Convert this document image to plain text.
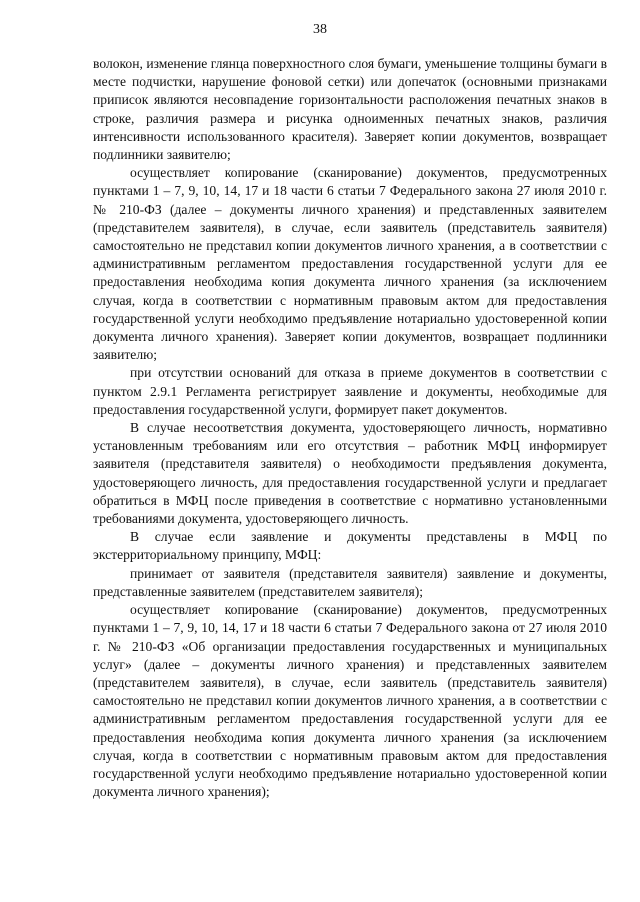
38

волокон, изменение глянца поверхностного слоя бумаги, уменьшение толщины бумаги в месте подчистки, нарушение фоновой сетки) или допечаток (основными признаками приписок являются несовпадение горизонтальности расположения печатных знаков в строке, различия размера и рисунка одноименных печатных знаков, различия интенсивности использованного красителя). Заверяет копии документов, возвращает подлинники заявителю;

осуществляет копирование (сканирование) документов, предусмотренных пунктами 1 – 7, 9, 10, 14, 17 и 18 части 6 статьи 7 Федерального закона 27 июля 2010 г. № 210-ФЗ (далее – документы личного хранения) и представленных заявителем (представителем заявителя), в случае, если заявитель (представитель заявителя) самостоятельно не представил копии документов личного хранения, а в соответствии с административным регламентом предоставления государственной услуги для ее предоставления необходима копия документа личного хранения (за исключением случая, когда в соответствии с нормативным правовым актом для предоставления государственной услуги необходимо предъявление нотариально удостоверенной копии документа личного хранения). Заверяет копии документов, возвращает подлинники заявителю;

при отсутствии оснований для отказа в приеме документов в соответствии с пунктом 2.9.1 Регламента регистрирует заявление и документы, необходимые для предоставления государственной услуги, формирует пакет документов.

В случае несоответствия документа, удостоверяющего личность, нормативно установленным требованиям или его отсутствия – работник МФЦ информирует заявителя (представителя заявителя) о необходимости предъявления документа, удостоверяющего личность, для предоставления государственной услуги и предлагает обратиться в МФЦ после приведения в соответствие с нормативно установленными требованиями документа, удостоверяющего личность.

В случае если заявление и документы представлены в МФЦ по экстерриториальному принципу, МФЦ:

принимает от заявителя (представителя заявителя) заявление и документы, представленные заявителем (представителем заявителя);

осуществляет копирование (сканирование) документов, предусмотренных пунктами 1 – 7, 9, 10, 14, 17 и 18 части 6 статьи 7 Федерального закона от 27 июля 2010 г. № 210-ФЗ «Об организации предоставления государственных и муниципальных услуг» (далее – документы личного хранения) и представленных заявителем (представителем заявителя), в случае, если заявитель (представитель заявителя) самостоятельно не представил копии документов личного хранения, а в соответствии с административным регламентом предоставления государственной услуги для ее предоставления необходима копия документа личного хранения (за исключением случая, когда в соответствии с нормативным правовым актом для предоставления государственной услуги необходимо предъявление нотариально удостоверенной копии документа личного хранения);
